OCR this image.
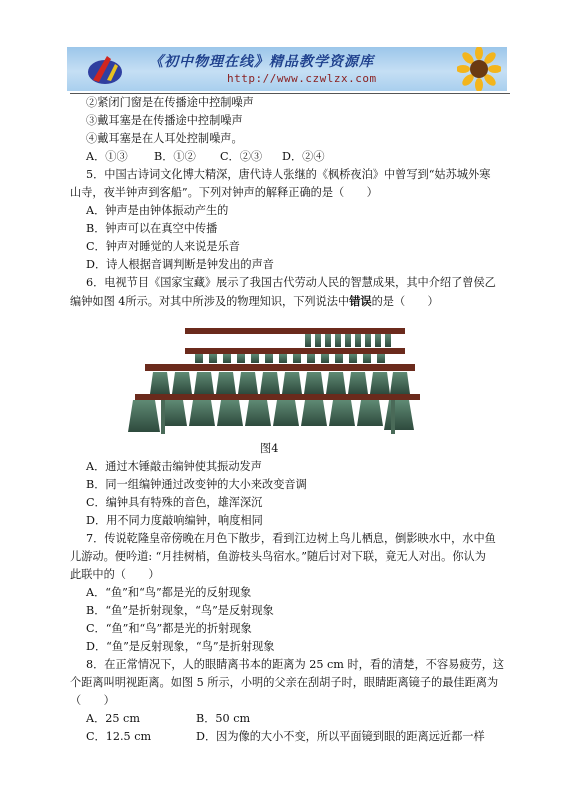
《初中物理在线》精品教学资源库
http://www.czwlzx.com
②紧闭门窗是在传播途中控制噪声
③戴耳塞是在传播途中控制噪声
④戴耳塞是在人耳处控制噪声。
A．①③ B．①② C．②③ D．②④
5．中国古诗词文化博大精深，唐代诗人张继的《枫桥夜泊》中曾写到“姑苏城外寒
山寺，夜半钟声到客船”。下列对钟声的解释正确的是（　　）
A．钟声是由钟体振动产生的
B．钟声可以在真空中传播
C．钟声对睡觉的人来说是乐音
D．诗人根据音调判断是钟发出的声音
6．电视节目《国家宝藏》展示了我国古代劳动人民的智慧成果，其中介绍了曾侯乙
编钟如图 4所示。对其中所涉及的物理知识，下列说法中错误的是（　　）
图4
A．通过木锤敲击编钟使其振动发声
B．同一组编钟通过改变钟的大小来改变音调
C．编钟具有特殊的音色，雄浑深沉
D．用不同力度敲响编钟，响度相同
7．传说乾隆皇帝傍晚在月色下散步，看到江边树上鸟儿栖息，倒影映水中，水中鱼
儿游动。便吟道: “月挂树梢，鱼游枝头鸟宿水。”随后讨对下联，竟无人对出。你认为
此联中的（　　）
A．“鱼”和“鸟”都是光的反射现象
B．“鱼”是折射现象，“鸟”是反射现象
C．“鱼”和“鸟”都是光的折射现象
D．“鱼”是反射现象，“鸟”是折射现象
8．在正常情况下，人的眼睛离书本的距离为 25 cm 时，看的清楚，不容易疲劳，这
个距离叫明视距离。如图 5 所示，小明的父亲在刮胡子时，眼睛距离镜子的最佳距离为
（　　）
A．25 cm	B．50 cm
C．12.5 cm	D．因为像的大小不变，所以平面镜到眼的距离远近都一样
